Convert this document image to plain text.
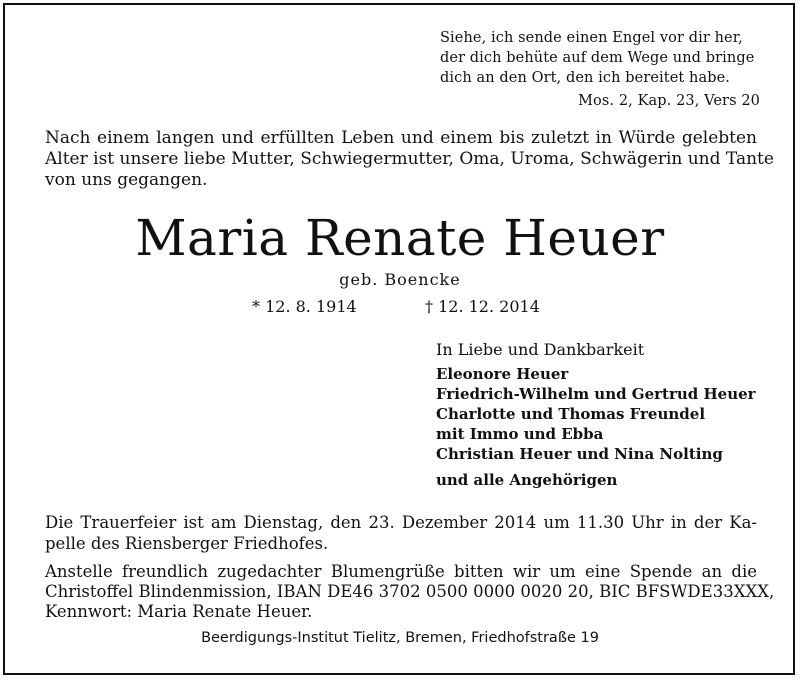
Siehe, ich sende einen Engel vor dir her,
der dich behüte auf dem Wege und bringe
dich an den Ort, den ich bereitet habe.
Mos. 2, Kap. 23, Vers 20
Nach einem langen und erfüllten Leben und einem bis zuletzt in Würde gelebten
Alter ist unsere liebe Mutter, Schwiegermutter, Oma, Uroma, Schwägerin und Tante
von uns gegangen.
Maria Renate Heuer
geb. Boencke
* 12. 8. 1914	† 12. 12. 2014
In Liebe und Dankbarkeit
Eleonore Heuer
Friedrich-Wilhelm und Gertrud Heuer
Charlotte und Thomas Freundel
mit Immo und Ebba
Christian Heuer und Nina Nolting
und alle Angehörigen
Die Trauerfeier ist am Dienstag, den 23. Dezember 2014 um 11.30 Uhr in der Ka-
pelle des Riensberger Friedhofes.
Anstelle freundlich zugedachter Blumengrüße bitten wir um eine Spende an die
Christoffel Blindenmission, IBAN DE46 3702 0500 0000 0020 20, BIC BFSWDE33XXX,
Kennwort: Maria Renate Heuer.
Beerdigungs-Institut Tielitz, Bremen, Friedhofstraße 19
